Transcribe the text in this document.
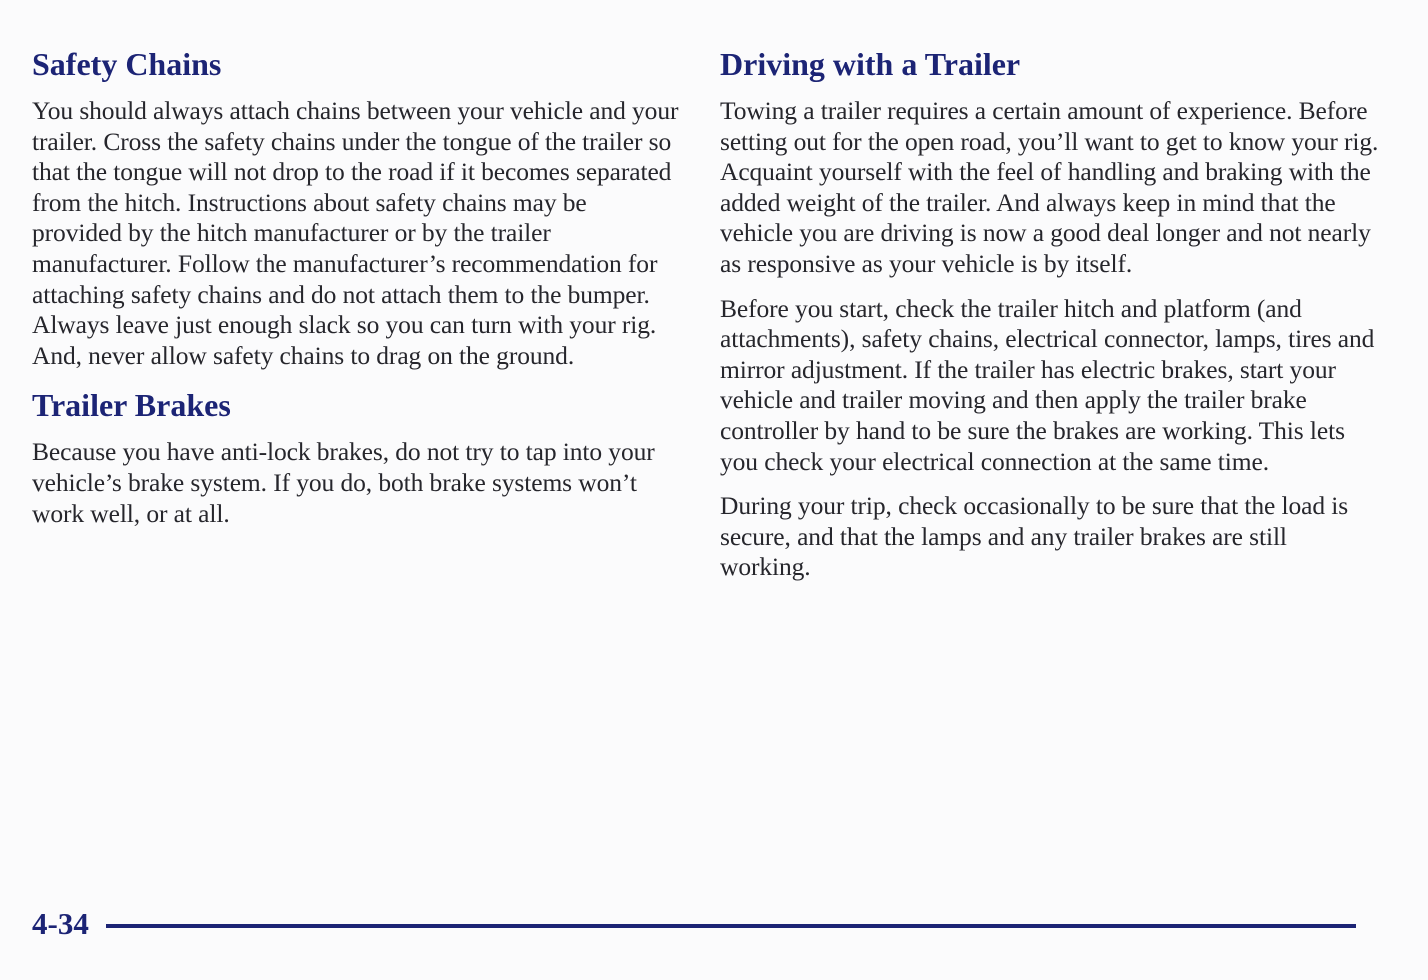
Safety Chains

You should always attach chains between your vehicle and your trailer. Cross the safety chains under the tongue of the trailer so that the tongue will not drop to the road if it becomes separated from the hitch. Instructions about safety chains may be provided by the hitch manufacturer or by the trailer manufacturer. Follow the manufacturer’s recommendation for attaching safety chains and do not attach them to the bumper. Always leave just enough slack so you can turn with your rig. And, never allow safety chains to drag on the ground.

Trailer Brakes

Because you have anti-lock brakes, do not try to tap into your vehicle’s brake system. If you do, both brake systems won’t work well, or at all.

Driving with a Trailer

Towing a trailer requires a certain amount of experience. Before setting out for the open road, you’ll want to get to know your rig. Acquaint yourself with the feel of handling and braking with the added weight of the trailer. And always keep in mind that the vehicle you are driving is now a good deal longer and not nearly as responsive as your vehicle is by itself.

Before you start, check the trailer hitch and platform (and attachments), safety chains, electrical connector, lamps, tires and mirror adjustment. If the trailer has electric brakes, start your vehicle and trailer moving and then apply the trailer brake controller by hand to be sure the brakes are working. This lets you check your electrical connection at the same time.

During your trip, check occasionally to be sure that the load is secure, and that the lamps and any trailer brakes are still working.

4-34
